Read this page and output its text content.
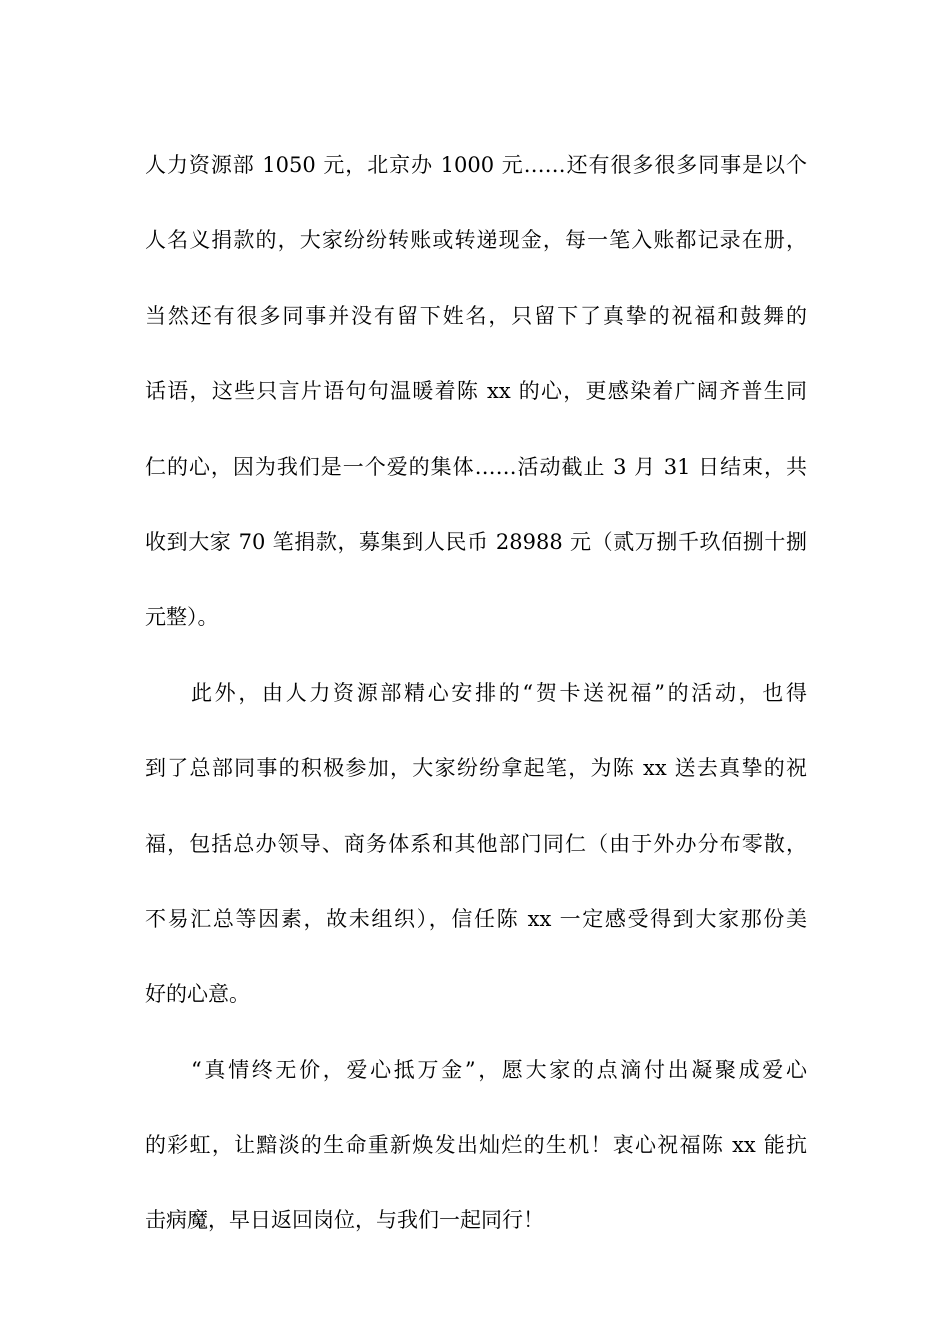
人力资源部 1050 元，北京办 1000 元……还有很多很多同事是以个
人名义捐款的，大家纷纷转账或转递现金，每一笔入账都记录在册，
当然还有很多同事并没有留下姓名，只留下了真挚的祝福和鼓舞的
话语，这些只言片语句句温暖着陈 xx 的心，更感染着广阔齐普生同
仁的心，因为我们是一个爱的集体……活动截止 3 月 31 日结束，共
收到大家 70 笔捐款，募集到人民币 28988 元（贰万捌千玖佰捌十捌
元整）。
此外，由人力资源部精心安排的“贺卡送祝福”的活动，也得
到了总部同事的积极参加，大家纷纷拿起笔，为陈 xx 送去真挚的祝
福，包括总办领导、商务体系和其他部门同仁（由于外办分布零散，
不易汇总等因素，故未组织），信任陈 xx 一定感受得到大家那份美
好的心意。
“真情终无价，爱心抵万金”，愿大家的点滴付出凝聚成爱心
的彩虹，让黯淡的生命重新焕发出灿烂的生机！衷心祝福陈 xx 能抗
击病魔，早日返回岗位，与我们一起同行！
